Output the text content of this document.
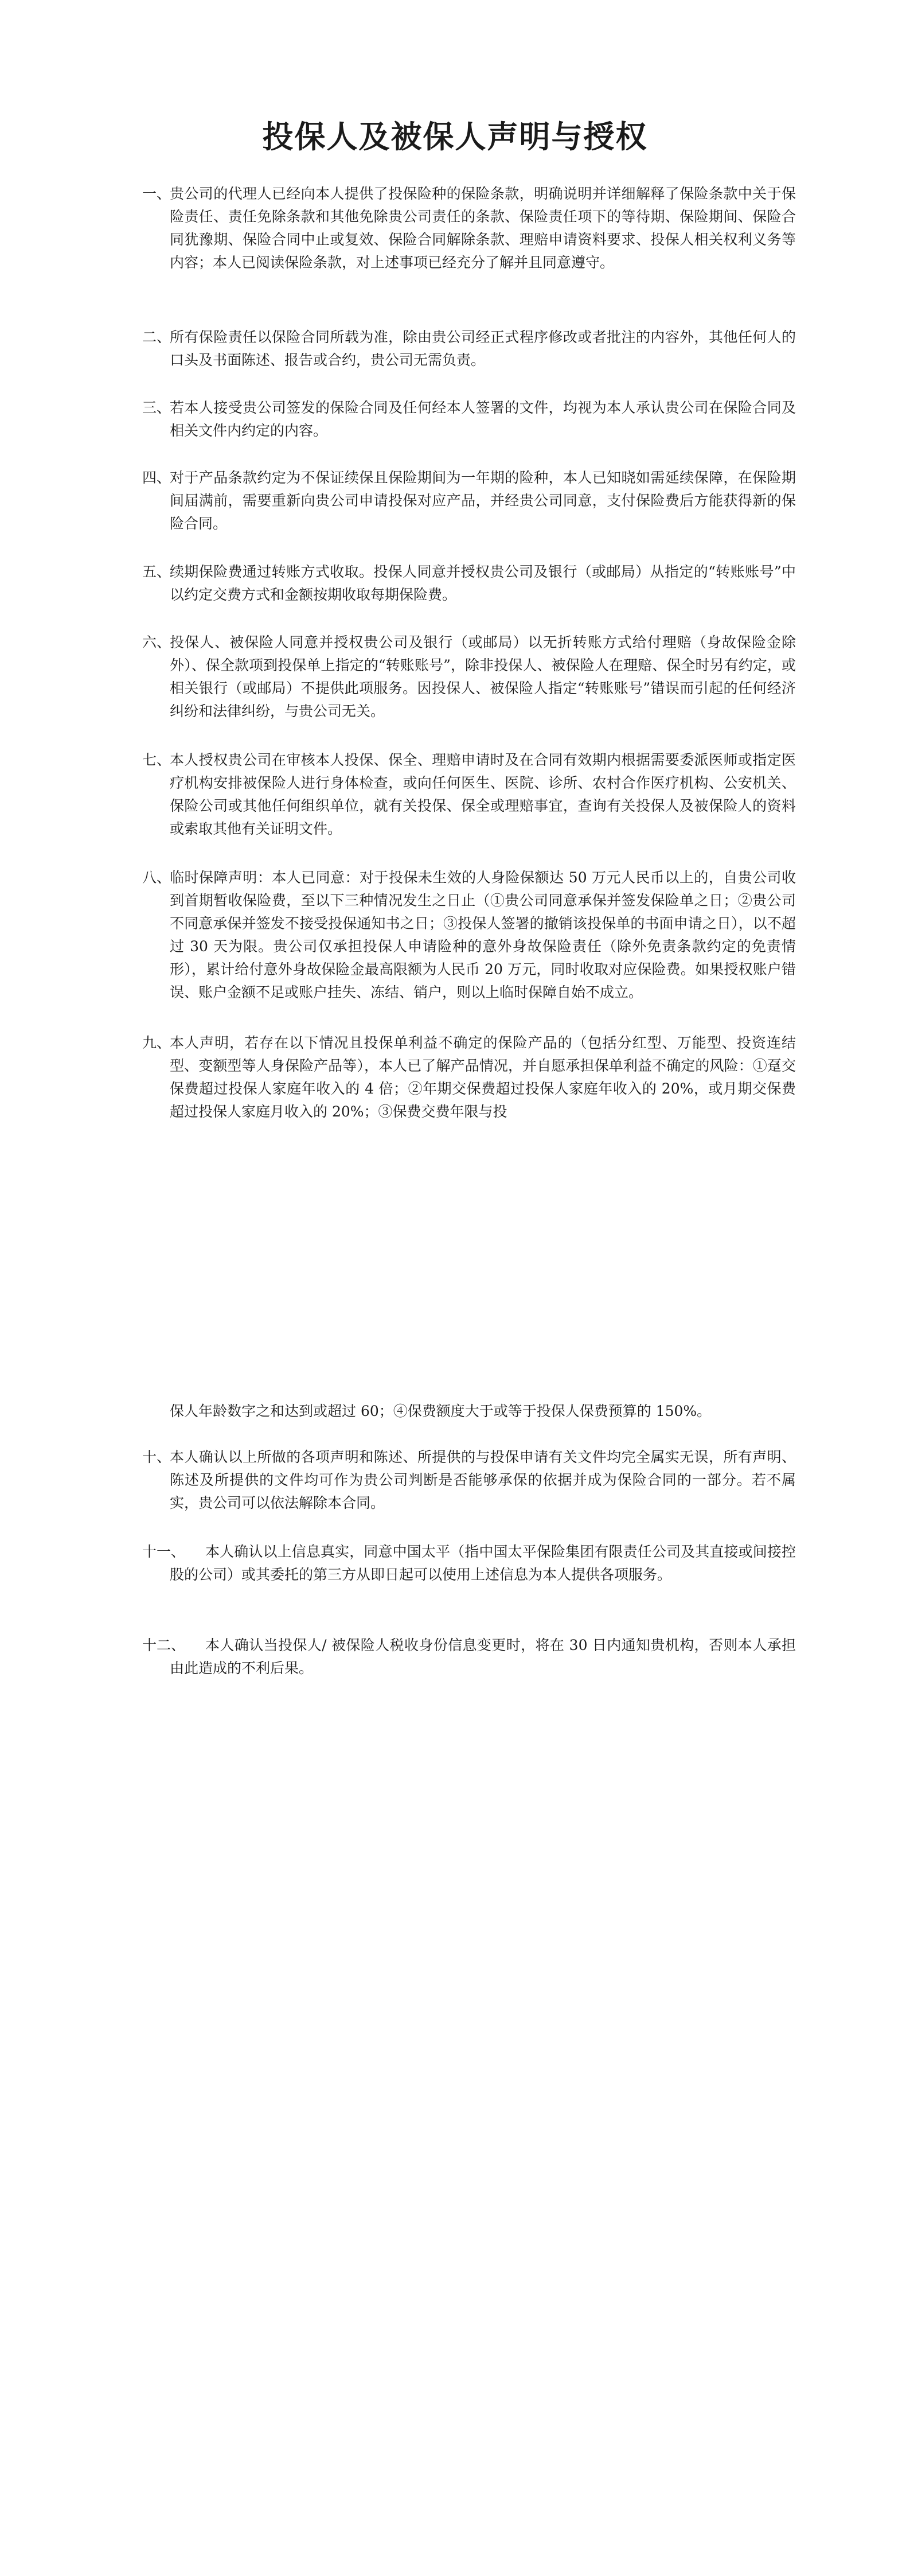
投保人及被保人声明与授权
一、
贵公司的代理人已经向本人提供了投保险种的保险条款，明确说明并详细解释了保险条款中关于保险责任、责任免除条款和其他免除贵公司责任的条款、保险责任项下的等待期、保险期间、保险合同犹豫期、保险合同中止或复效、保险合同解除条款、理赔申请资料要求、投保人相关权利义务等内容；本人已阅读保险条款，对上述事项已经充分了解并且同意遵守。
二、
所有保险责任以保险合同所载为准，除由贵公司经正式程序修改或者批注的内容外，其他任何人的口头及书面陈述、报告或合约，贵公司无需负责。
三、
若本人接受贵公司签发的保险合同及任何经本人签署的文件，均视为本人承认贵公司在保险合同及相关文件内约定的内容。
四、
对于产品条款约定为不保证续保且保险期间为一年期的险种，本人已知晓如需延续保障，在保险期间届满前，需要重新向贵公司申请投保对应产品，并经贵公司同意，支付保险费后方能获得新的保险合同。
五、
续期保险费通过转账方式收取。投保人同意并授权贵公司及银行（或邮局）从指定的“转账账号”中以约定交费方式和金额按期收取每期保险费。
六、
投保人、被保险人同意并授权贵公司及银行（或邮局）以无折转账方式给付理赔（身故保险金除外）、保全款项到投保单上指定的“转账账号”，除非投保人、被保险人在理赔、保全时另有约定，或相关银行（或邮局）不提供此项服务。因投保人、被保险人指定“转账账号”错误而引起的任何经济纠纷和法律纠纷，与贵公司无关。
七、
本人授权贵公司在审核本人投保、保全、理赔申请时及在合同有效期内根据需要委派医师或指定医疗机构安排被保险人进行身体检查，或向任何医生、医院、诊所、农村合作医疗机构、公安机关、保险公司或其他任何组织单位，就有关投保、保全或理赔事宜，查询有关投保人及被保险人的资料或索取其他有关证明文件。
八、
临时保障声明：本人已同意：对于投保未生效的人身险保额达 50 万元人民币以上的，自贵公司收到首期暂收保险费，至以下三种情况发生之日止（①贵公司同意承保并签发保险单之日；②贵公司不同意承保并签发不接受投保通知书之日；③投保人签署的撤销该投保单的书面申请之日），以不超过 30 天为限。贵公司仅承担投保人申请险种的意外身故保险责任（除外免责条款约定的免责情形），累计给付意外身故保险金最高限额为人民币 20 万元，同时收取对应保险费。如果授权账户错误、账户金额不足或账户挂失、冻结、销户，则以上临时保障自始不成立。
九、
本人声明，若存在以下情况且投保单利益不确定的保险产品的（包括分红型、万能型、投资连结型、变额型等人身保险产品等），本人已了解产品情况，并自愿承担保单利益不确定的风险：①趸交保费超过投保人家庭年收入的 4 倍；②年期交保费超过投保人家庭年收入的 20%，或月期交保费超过投保人家庭月收入的 20%；③保费交费年限与投
保人年龄数字之和达到或超过 60；④保费额度大于或等于投保人保费预算的 150%。
十、
本人确认以上所做的各项声明和陈述、所提供的与投保申请有关文件均完全属实无误，所有声明、陈述及所提供的文件均可作为贵公司判断是否能够承保的依据并成为保险合同的一部分。若不属实，贵公司可以依法解除本合同。
十一、	本人确认以上信息真实，同意中国太平（指中国太平保险集团有限责任公司及其直接或间接控股的公司）或其委托的第三方从即日起可以使用上述信息为本人提供各项服务。
十二、	本人确认当投保人/ 被保险人税收身份信息变更时，将在 30 日内通知贵机构，否则本人承担由此造成的不利后果。
